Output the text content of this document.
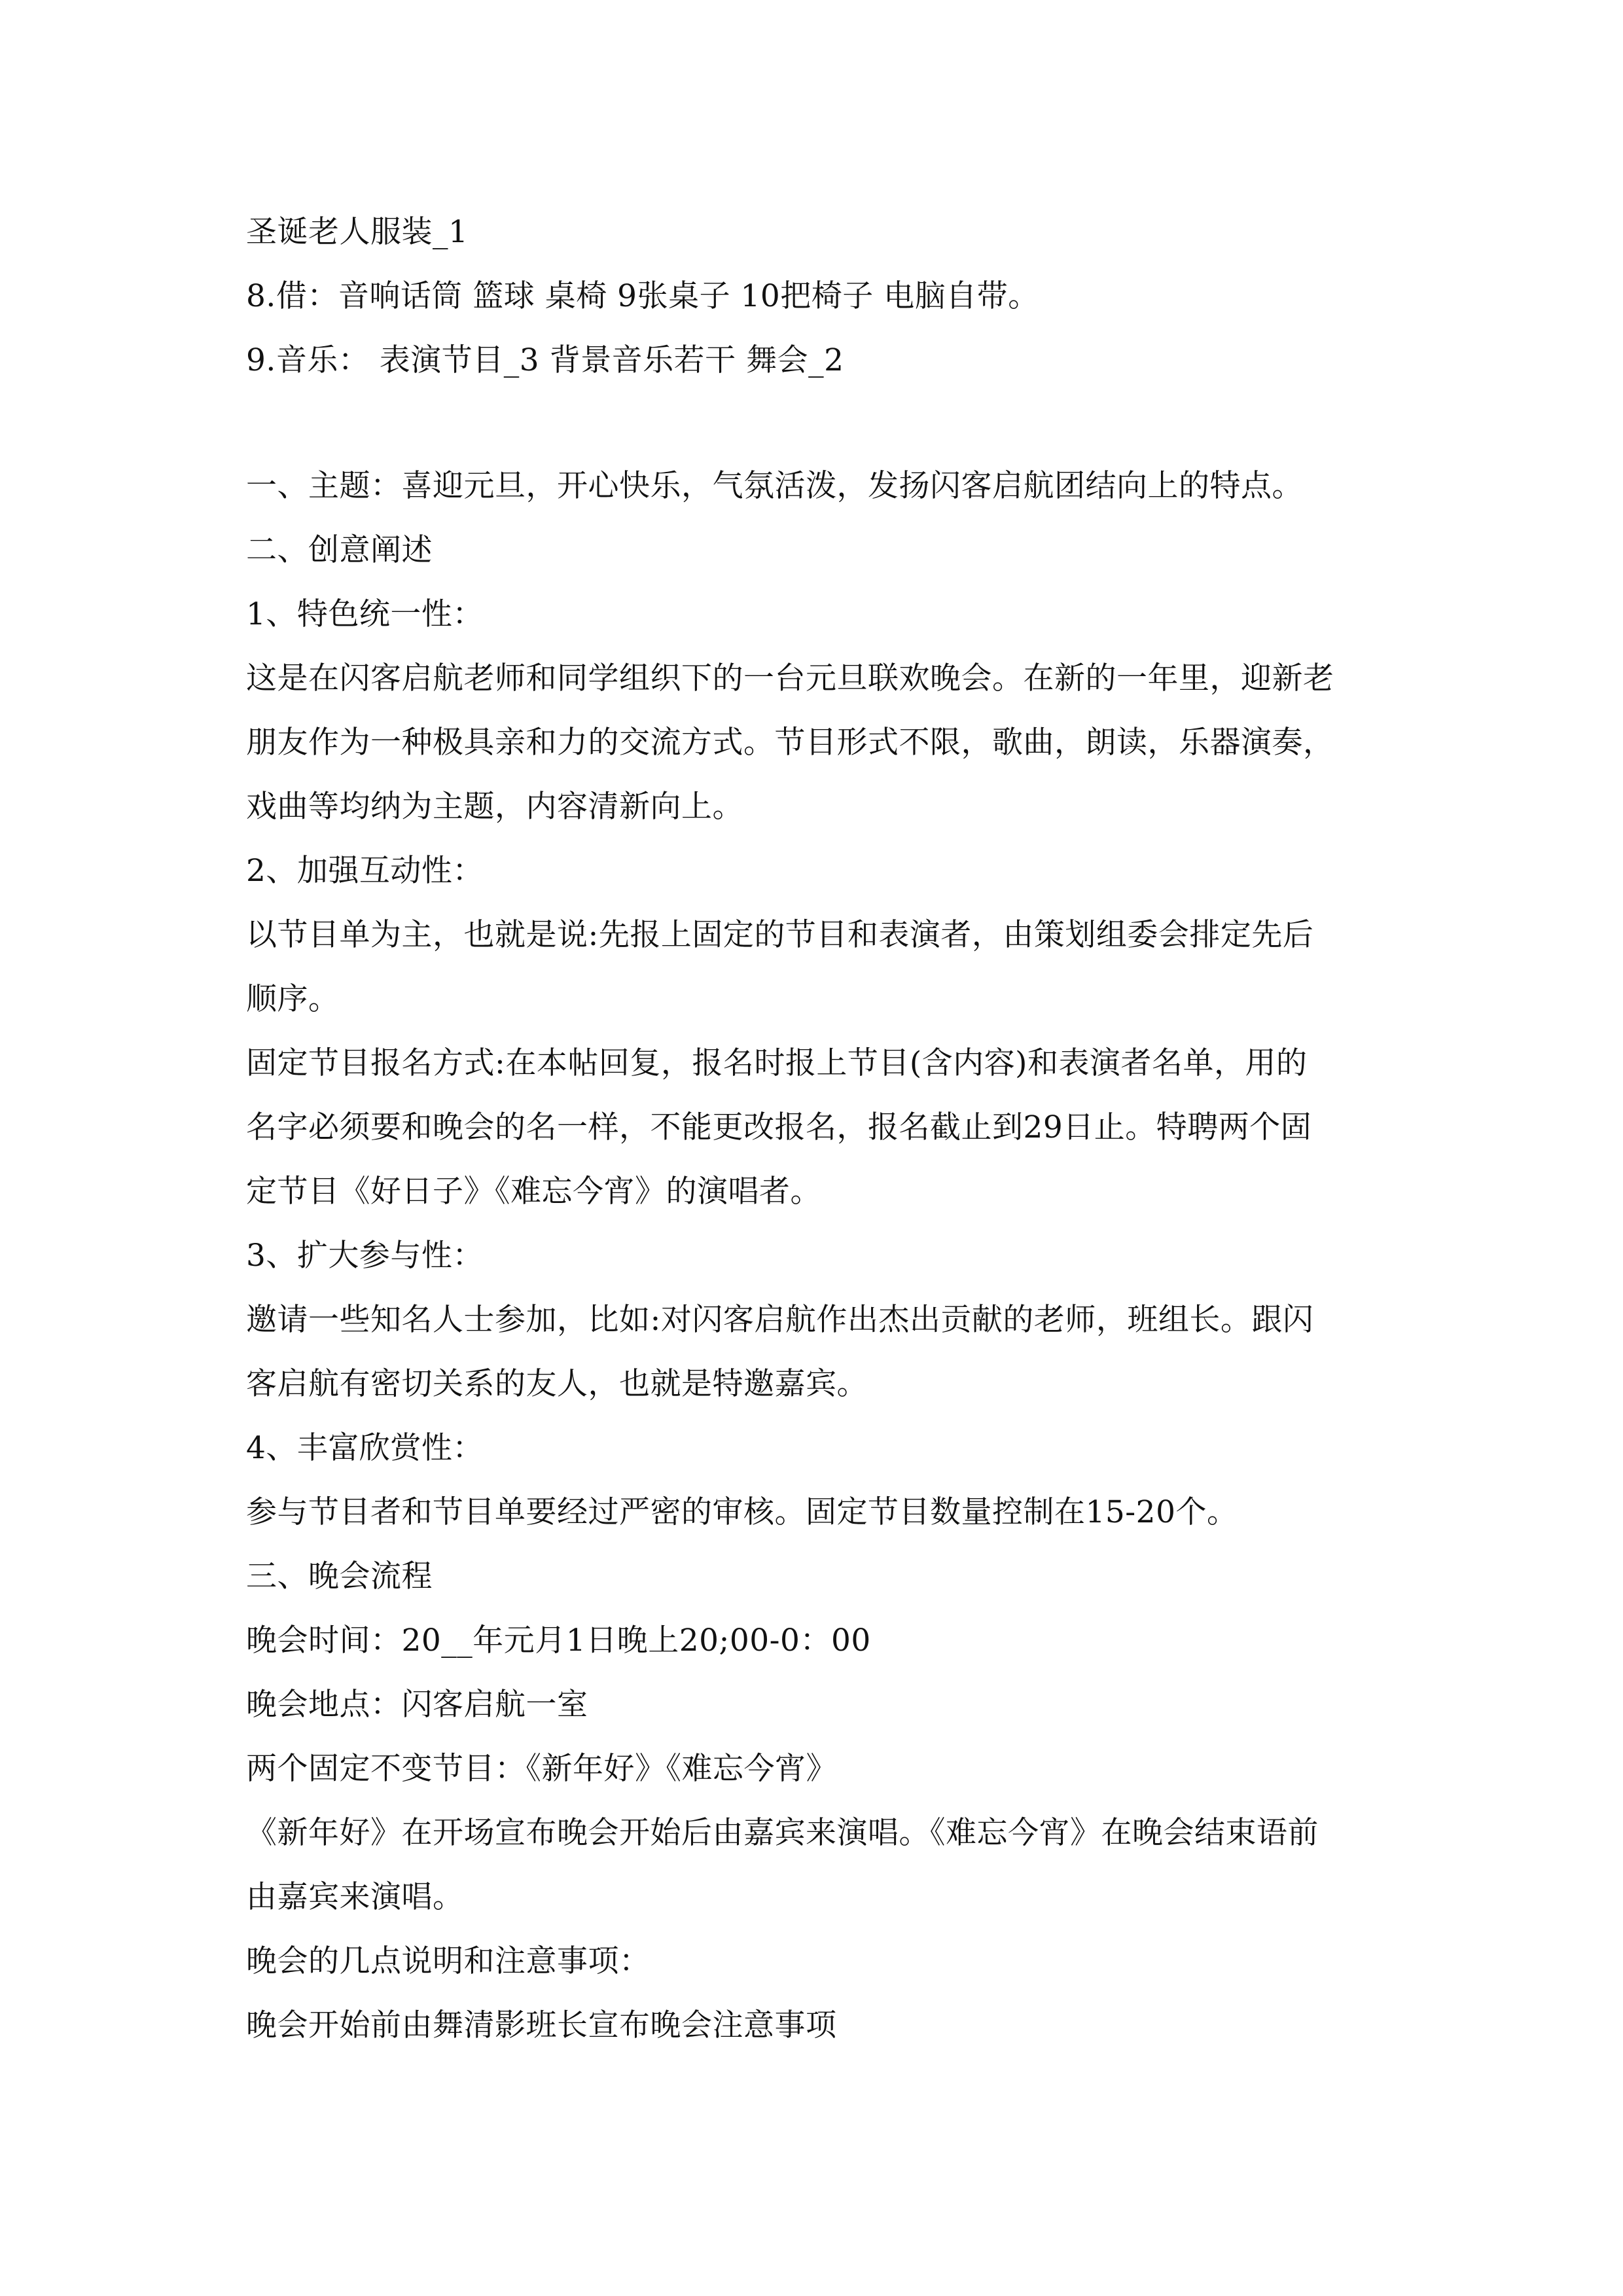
圣诞老人服装_1
8.借：音响话筒 篮球 桌椅 9张桌子 10把椅子 电脑自带。
9.音乐： 表演节目_3 背景音乐若干 舞会_2
一、主题：喜迎元旦，开心快乐，气氛活泼，发扬闪客启航团结向上的特点。
二、创意阐述
1、特色统一性：
这是在闪客启航老师和同学组织下的一台元旦联欢晚会。在新的一年里，迎新老
朋友作为一种极具亲和力的交流方式。节目形式不限，歌曲，朗读，乐器演奏，
戏曲等均纳为主题，内容清新向上。
2、加强互动性：
以节目单为主，也就是说:先报上固定的节目和表演者，由策划组委会排定先后
顺序。
固定节目报名方式:在本帖回复，报名时报上节目(含内容)和表演者名单，用的
名字必须要和晚会的名一样，不能更改报名，报名截止到29日止。特聘两个固
定节目《好日子》《难忘今宵》的演唱者。
3、扩大参与性：
邀请一些知名人士参加，比如:对闪客启航作出杰出贡献的老师，班组长。跟闪
客启航有密切关系的友人，也就是特邀嘉宾。
4、丰富欣赏性：
参与节目者和节目单要经过严密的审核。固定节目数量控制在15-20个。
三、晚会流程
晚会时间：20__年元月1日晚上20;00-0：00
晚会地点：闪客启航一室
两个固定不变节目：《新年好》《难忘今宵》
《新年好》在开场宣布晚会开始后由嘉宾来演唱。《难忘今宵》在晚会结束语前
由嘉宾来演唱。
晚会的几点说明和注意事项：
晚会开始前由舞清影班长宣布晚会注意事项
